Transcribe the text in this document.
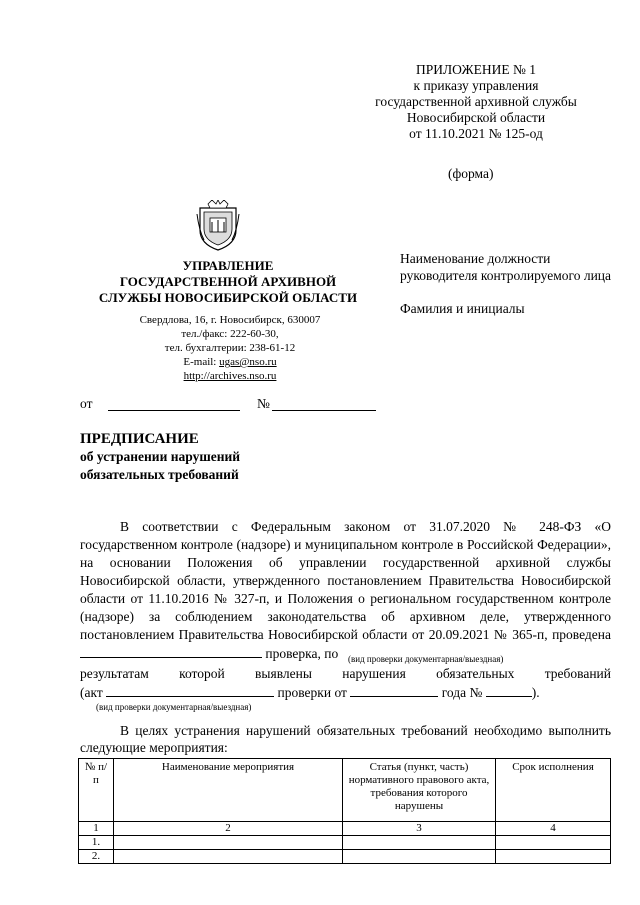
ПРИЛОЖЕНИЕ № 1
к приказу управления
государственной архивной службы
Новосибирской области
от 11.10.2021 № 125-од
(форма)
УПРАВЛЕНИЕ
ГОСУДАРСТВЕННОЙ АРХИВНОЙ
СЛУЖБЫ НОВОСИБИРСКОЙ ОБЛАСТИ
Свердлова, 16, г. Новосибирск, 630007
тел./факс: 222-60-30,
тел. бухгалтерии: 238-61-12
E-mail: ugas@nso.ru
http://archives.nso.ru
Наименование должности руководителя контролируемого лица
Фамилия и инициалы
от	№
ПРЕДПИСАНИЕ
об устранении нарушений
обязательных требований
В соответствии с Федеральным законом от 31.07.2020 № 248-ФЗ «О государственном контроле (надзоре) и муниципальном контроле в Российской Федерации», на основании Положения об управлении государственной архивной службы Новосибирской области, утвержденного постановлением Правительства Новосибирской области от 11.10.2016 № 327-п, и Положения о региональном государственном контроле (надзоре) за соблюдением законодательства об архивном деле, утвержденного постановлением Правительства Новосибирской области от 20.09.2021 № 365-п, проведена  проверка, по	(вид проверки документарная/выездная)
результатам которой выявлены нарушения обязательных требований
(акт	проверки от	года №	).
(вид проверки документарная/выездная)
В целях устранения нарушений обязательных требований необходимо выполнить следующие мероприятия:
№ п/п	Наименование мероприятия	Статья (пункт, часть) нормативного правового акта, требования которого нарушены	Срок исполнения
1	2	3	4
1.			
2.			
